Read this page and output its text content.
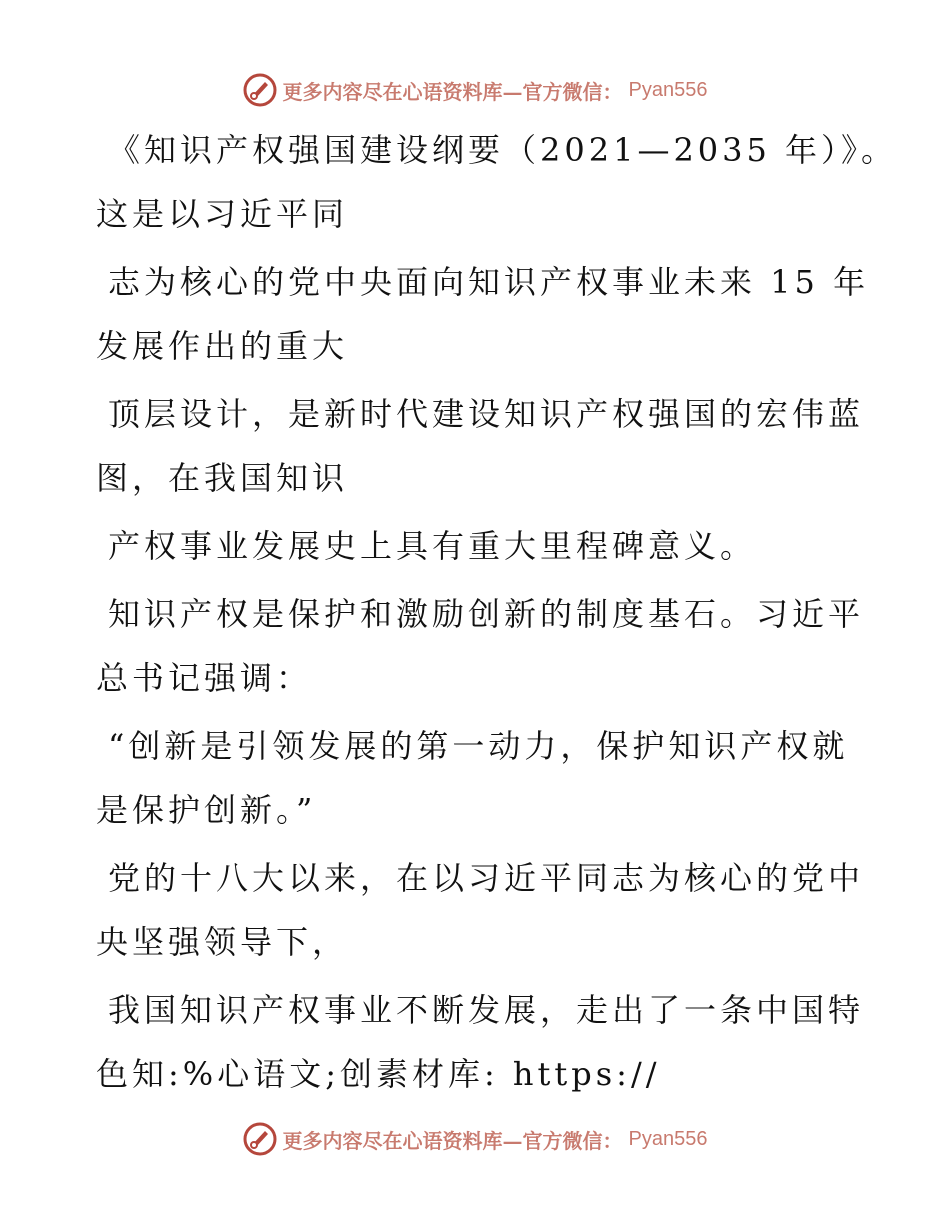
更多内容尽在心语资料库—官方微信： Pyan556

《知识产权强国建设纲要（2021—2035 年）》。
这是以习近平同

志为核心的党中央面向知识产权事业未来 15 年
发展作出的重大

顶层设计，是新时代建设知识产权强国的宏伟蓝
图，在我国知识

产权事业发展史上具有重大里程碑意义。

知识产权是保护和激励创新的制度基石。习近平
总书记强调：

“创新是引领发展的第一动力，保护知识产权就
是保护创新。”

党的十八大以来，在以习近平同志为核心的党中
央坚强领导下，

我国知识产权事业不断发展，走出了一条中国特
色知:%心语文;创素材库: https://

更多内容尽在心语资料库—官方微信： Pyan556
